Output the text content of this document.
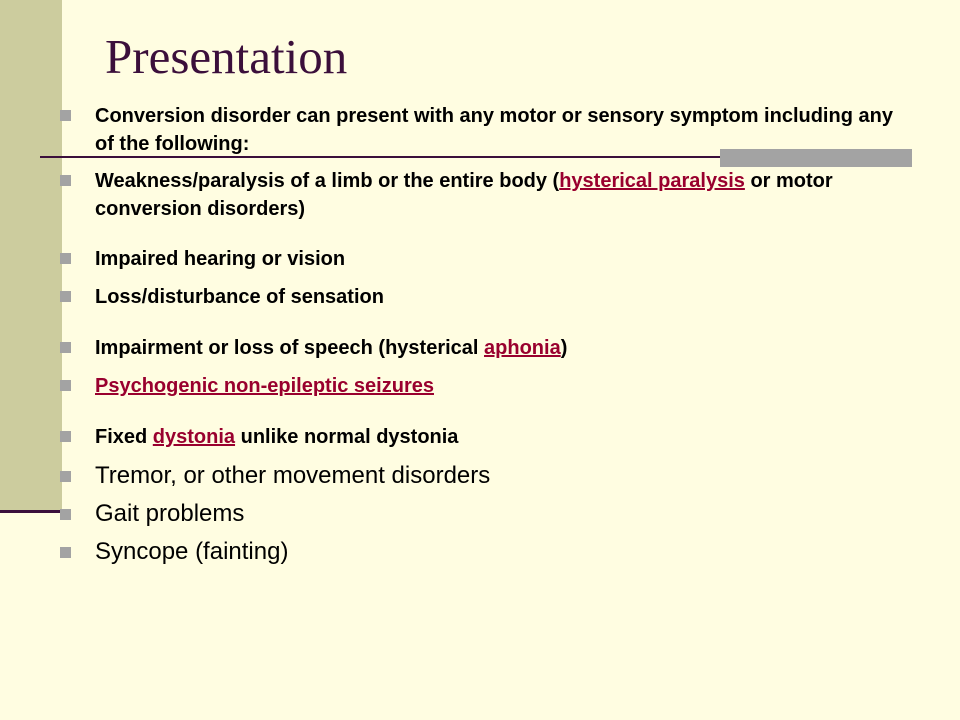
Presentation
Conversion disorder can present with any motor or sensory symptom including any of the following:
Weakness/paralysis of a limb or the entire body (hysterical paralysis or motor conversion disorders)
Impaired hearing or vision
Loss/disturbance of sensation
Impairment or loss of speech (hysterical aphonia)
Psychogenic non-epileptic seizures
Fixed dystonia unlike normal dystonia
Tremor, or other movement disorders
Gait problems
Syncope (fainting)
